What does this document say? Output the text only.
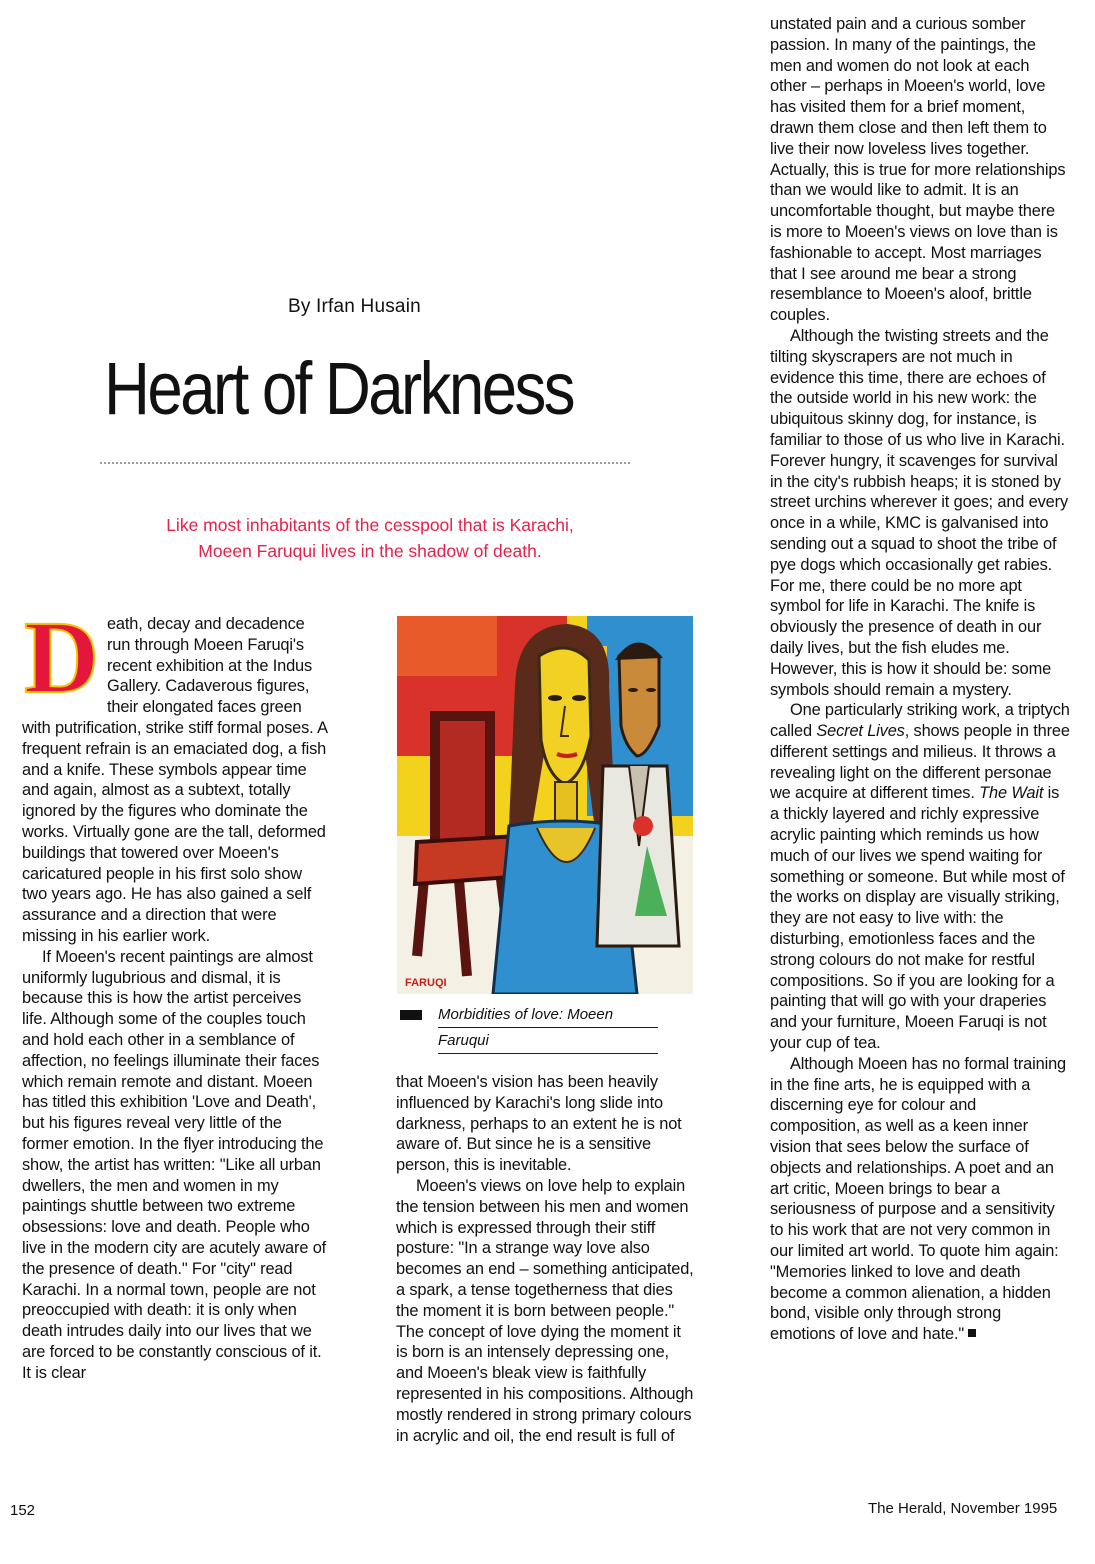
By Irfan Husain
Heart of Darkness
Like most inhabitants of the cesspool that is Karachi,
Moeen Faruqui lives in the shadow of death.

Death, decay and decadence run through Moeen Faruqi's recent exhibition at the Indus Gallery. Cadaverous figures, their elongated faces green with putrification, strike stiff formal poses. A frequent refrain is an emaciated dog, a fish and a knife. These symbols appear time and again, almost as a subtext, totally ignored by the figures who dominate the works. Virtually gone are the tall, deformed buildings that towered over Moeen's caricatured people in his first solo show two years ago. He has also gained a self assurance and a direction that were missing in his earlier work.

If Moeen's recent paintings are almost uniformly lugubrious and dismal, it is because this is how the artist perceives life. Although some of the couples touch and hold each other in a semblance of affection, no feelings illuminate their faces which remain remote and distant. Moeen has titled this exhibition 'Love and Death', but his figures reveal very little of the former emotion. In the flyer introducing the show, the artist has written: "Like all urban dwellers, the men and women in my paintings shuttle between two extreme obsessions: love and death. People who live in the modern city are acutely aware of the presence of death." For "city" read Karachi. In a normal town, people are not preoccupied with death: it is only when death intrudes daily into our lives that we are forced to be constantly conscious of it. It is clear

FARUQI
Morbidities of love: Moeen
Faruqui

that Moeen's vision has been heavily influenced by Karachi's long slide into darkness, perhaps to an extent he is not aware of. But since he is a sensitive person, this is inevitable.

Moeen's views on love help to explain the tension between his men and women which is expressed through their stiff posture: "In a strange way love also becomes an end – something anticipated, a spark, a tense togetherness that dies the moment it is born between people." The concept of love dying the moment it is born is an intensely depressing one, and Moeen's bleak view is faithfully represented in his compositions. Although mostly rendered in strong primary colours in acrylic and oil, the end result is full of

unstated pain and a curious somber passion. In many of the paintings, the men and women do not look at each other – perhaps in Moeen's world, love has visited them for a brief moment, drawn them close and then left them to live their now loveless lives together. Actually, this is true for more relationships than we would like to admit. It is an uncomfortable thought, but maybe there is more to Moeen's views on love than is fashionable to accept. Most marriages that I see around me bear a strong resemblance to Moeen's aloof, brittle couples.

Although the twisting streets and the tilting skyscrapers are not much in evidence this time, there are echoes of the outside world in his new work: the ubiquitous skinny dog, for instance, is familiar to those of us who live in Karachi. Forever hungry, it scavenges for survival in the city's rubbish heaps; it is stoned by street urchins wherever it goes; and every once in a while, KMC is galvanised into sending out a squad to shoot the tribe of pye dogs which occasionally get rabies. For me, there could be no more apt symbol for life in Karachi. The knife is obviously the presence of death in our daily lives, but the fish eludes me. However, this is how it should be: some symbols should remain a mystery.

One particularly striking work, a triptych called Secret Lives, shows people in three different settings and milieus. It throws a revealing light on the different personae we acquire at different times. The Wait is a thickly layered and richly expressive acrylic painting which reminds us how much of our lives we spend waiting for something or someone. But while most of the works on display are visually striking, they are not easy to live with: the disturbing, emotionless faces and the strong colours do not make for restful compositions. So if you are looking for a painting that will go with your draperies and your furniture, Moeen Faruqi is not your cup of tea.

Although Moeen has no formal training in the fine arts, he is equipped with a discerning eye for colour and composition, as well as a keen inner vision that sees below the surface of objects and relationships. A poet and an art critic, Moeen brings to bear a seriousness of purpose and a sensitivity to his work that are not very common in our limited art world. To quote him again: "Memories linked to love and death become a common alienation, a hidden bond, visible only through strong emotions of love and hate."

152	The Herald, November 1995
